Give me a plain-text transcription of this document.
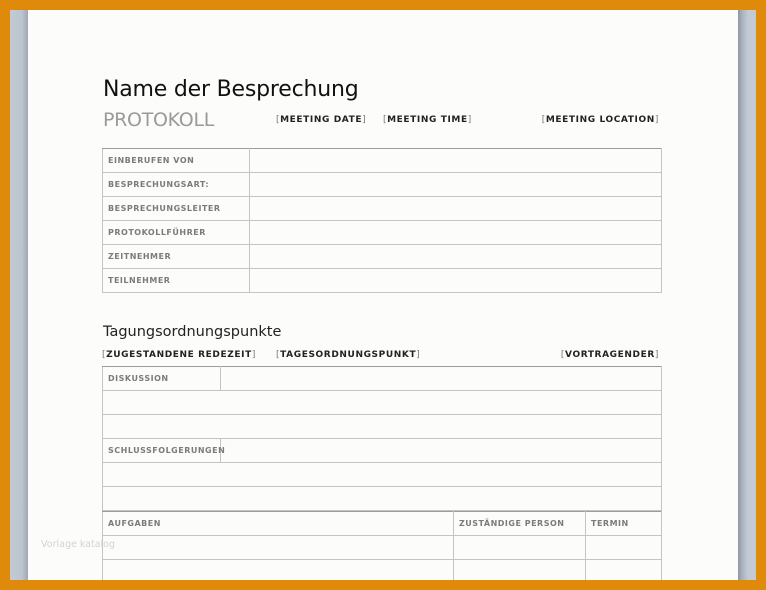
Name der Besprechung
PROTOKOLL	[MEETING DATE] [MEETING TIME]	[MEETING LOCATION]
EINBERUFEN VON	
BESPRECHUNGSART:	
BESPRECHUNGSLEITER	
PROTOKOLLFÜHRER	
ZEITNEHMER	
TEILNEHMER	
Tagungsordnungspunkte
[ZUGESTANDENE REDEZEIT] [TAGESORDNUNGSPUNKT]	[VORTRAGENDER]
DISKUSSION	

SCHLUSSFOLGERUNGEN	

AUFGABEN	ZUSTÄNDIGE PERSON	TERMIN

Vorlage katalog
